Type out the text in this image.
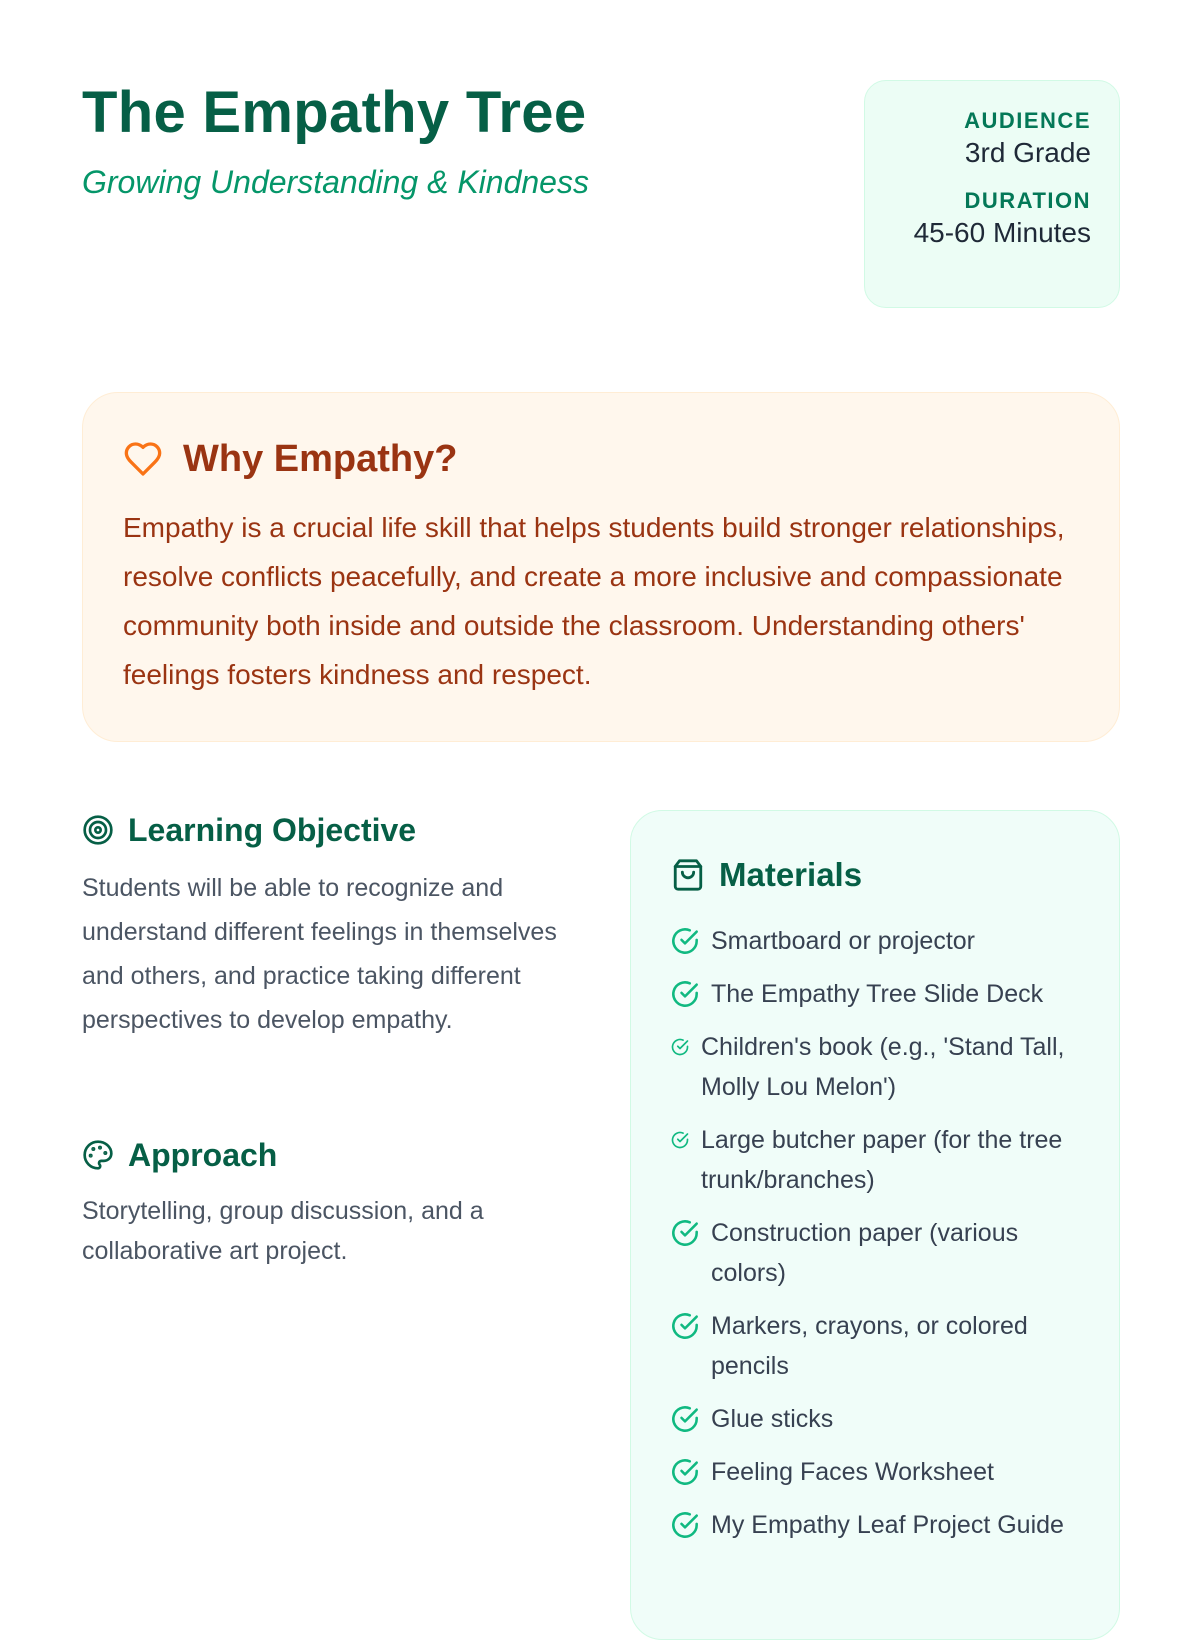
The Empathy Tree
Growing Understanding & Kindness
AUDIENCE
3rd Grade
DURATION
45-60 Minutes
Why Empathy?
Empathy is a crucial life skill that helps students build stronger relationships, resolve conflicts peacefully, and create a more inclusive and compassionate community both inside and outside the classroom. Understanding others' feelings fosters kindness and respect.
Learning Objective
Students will be able to recognize and understand different feelings in themselves and others, and practice taking different perspectives to develop empathy.
Approach
Storytelling, group discussion, and a collaborative art project.
Materials
Smartboard or projector
The Empathy Tree Slide Deck
Children's book (e.g., 'Stand Tall, Molly Lou Melon')
Large butcher paper (for the tree trunk/branches)
Construction paper (various colors)
Markers, crayons, or colored pencils
Glue sticks
Feeling Faces Worksheet
My Empathy Leaf Project Guide
